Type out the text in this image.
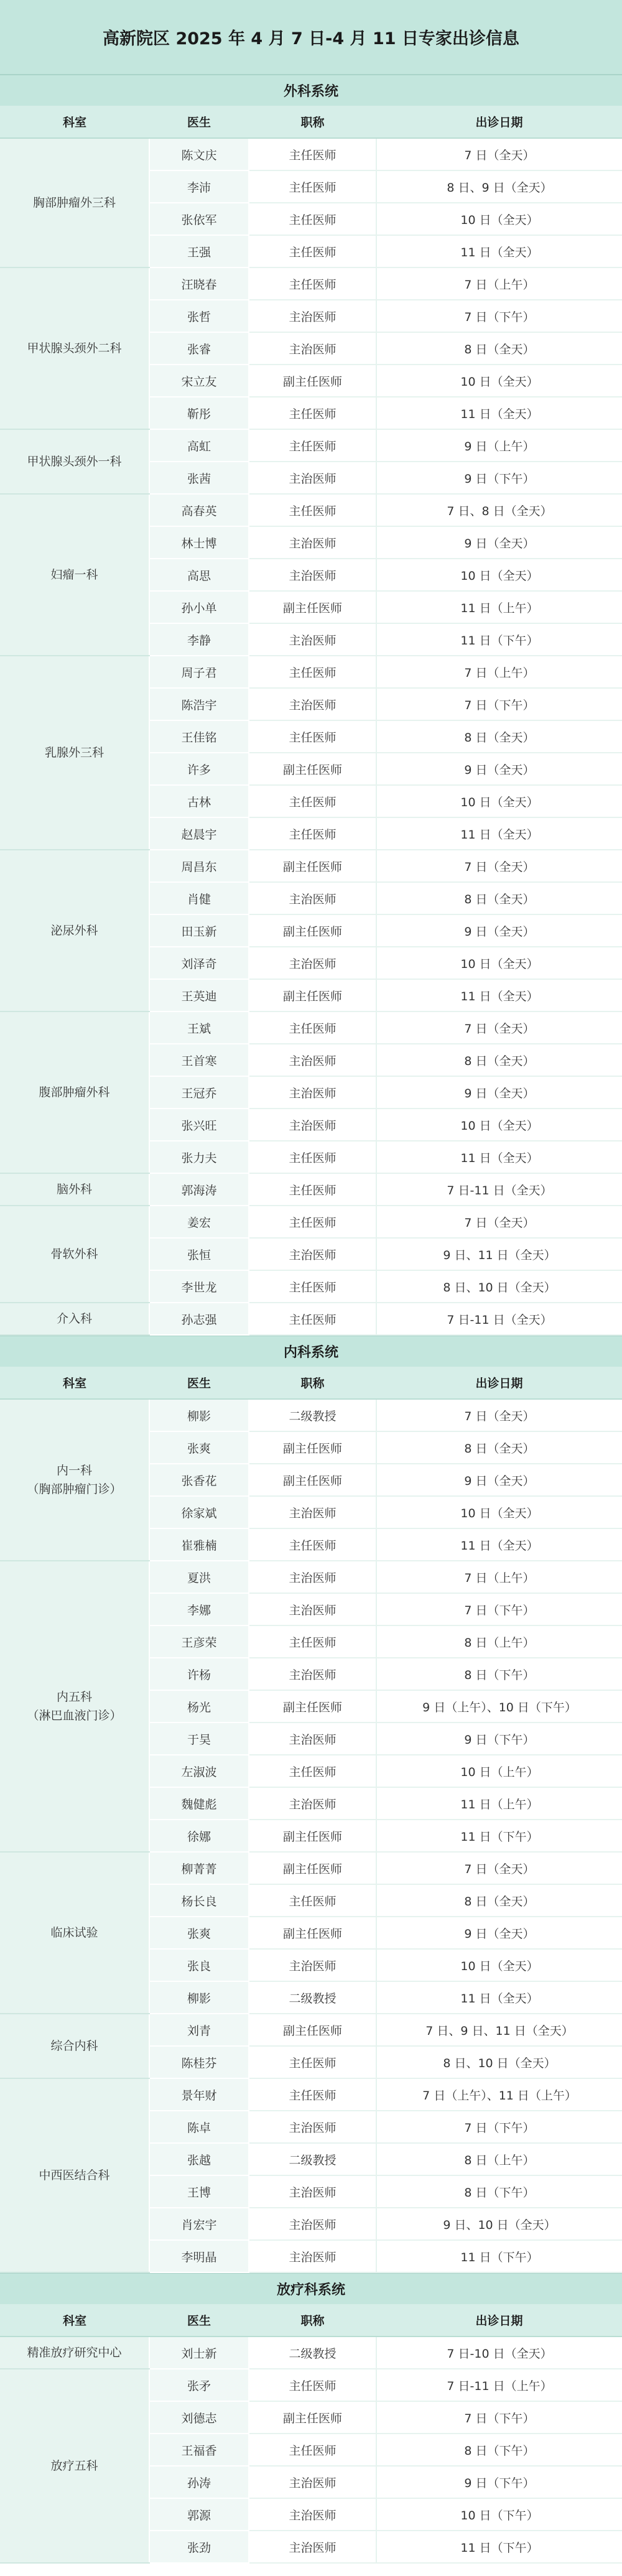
高新院区 2025 年 4 月 7 日-4 月 11 日专家出诊信息
外科系统
科室	医生	职称	出诊日期
胸部肿瘤外三科	陈文庆	主任医师	7 日（全天）
	李沛	主任医师	8 日、9 日（全天）
	张依军	主任医师	10 日（全天）
	王强	主任医师	11 日（全天）
甲状腺头颈外二科	汪晓春	主任医师	7 日（上午）
	张哲	主治医师	7 日（下午）
	张睿	主治医师	8 日（全天）
	宋立友	副主任医师	10 日（全天）
	靳彤	主任医师	11 日（全天）
甲状腺头颈外一科	高虹	主任医师	9 日（上午）
	张茜	主治医师	9 日（下午）
妇瘤一科	高春英	主任医师	7 日、8 日（全天）
	林士博	主治医师	9 日（全天）
	高思	主治医师	10 日（全天）
	孙小单	副主任医师	11 日（上午）
	李静	主治医师	11 日（下午）
乳腺外三科	周子君	主任医师	7 日（上午）
	陈浩宇	主治医师	7 日（下午）
	王佳铭	主任医师	8 日（全天）
	许多	副主任医师	9 日（全天）
	古林	主任医师	10 日（全天）
	赵晨宇	主任医师	11 日（全天）
泌尿外科	周昌东	副主任医师	7 日（全天）
	肖健	主治医师	8 日（全天）
	田玉新	副主任医师	9 日（全天）
	刘泽奇	主治医师	10 日（全天）
	王英迪	副主任医师	11 日（全天）
腹部肿瘤外科	王斌	主任医师	7 日（全天）
	王首寒	主治医师	8 日（全天）
	王冠乔	主治医师	9 日（全天）
	张兴旺	主治医师	10 日（全天）
	张力夫	主任医师	11 日（全天）
脑外科	郭海涛	主任医师	7 日-11 日（全天）
骨软外科	姜宏	主任医师	7 日（全天）
	张恒	主治医师	9 日、11 日（全天）
	李世龙	主任医师	8 日、10 日（全天）
介入科	孙志强	主任医师	7 日-11 日（全天）
内科系统
科室	医生	职称	出诊日期
内一科
（胸部肿瘤门诊）	柳影	二级教授	7 日（全天）
	张爽	副主任医师	8 日（全天）
	张香花	副主任医师	9 日（全天）
	徐家斌	主治医师	10 日（全天）
	崔雅楠	主任医师	11 日（全天）
内五科
（淋巴血液门诊）	夏洪	主治医师	7 日（上午）
	李娜	主治医师	7 日（下午）
	王彦荣	主任医师	8 日（上午）
	许杨	主治医师	8 日（下午）
	杨光	副主任医师	9 日（上午）、10 日（下午）
	于昊	主治医师	9 日（下午）
	左淑波	主任医师	10 日（上午）
	魏健彪	主治医师	11 日（上午）
	徐娜	副主任医师	11 日（下午）
临床试验	柳菁菁	副主任医师	7 日（全天）
	杨长良	主任医师	8 日（全天）
	张爽	副主任医师	9 日（全天）
	张良	主治医师	10 日（全天）
	柳影	二级教授	11 日（全天）
综合内科	刘青	副主任医师	7 日、9 日、11 日（全天）
	陈桂芬	主任医师	8 日、10 日（全天）
中西医结合科	景年财	主任医师	7 日（上午）、11 日（上午）
	陈卓	主治医师	7 日（下午）
	张越	二级教授	8 日（上午）
	王博	主治医师	8 日（下午）
	肖宏宇	主治医师	9 日、10 日（全天）
	李明晶	主治医师	11 日（下午）
放疗科系统
科室	医生	职称	出诊日期
精准放疗研究中心	刘士新	二级教授	7 日-10 日（全天）
放疗五科	张矛	主任医师	7 日-11 日（上午）
	刘德志	副主任医师	7 日（下午）
	王福香	主任医师	8 日（下午）
	孙涛	主治医师	9 日（下午）
	郭源	主治医师	10 日（下午）
	张劲	主治医师	11 日（下午）
